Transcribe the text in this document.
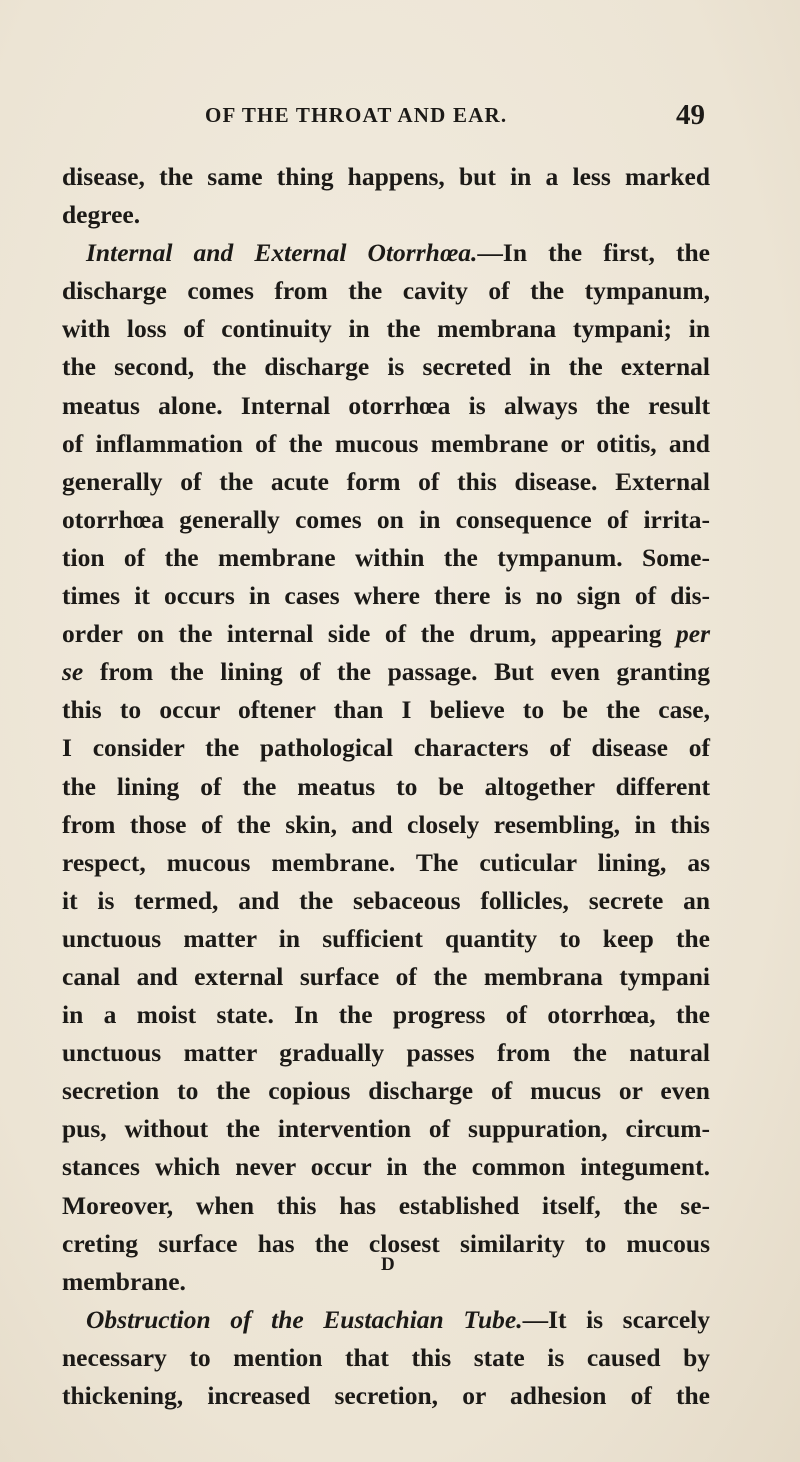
OF THE THROAT AND EAR.	49
disease, the same thing happens, but in a less marked
degree.
Internal and External Otorrhœa.—In the first, the
discharge comes from the cavity of the tympanum,
with loss of continuity in the membrana tympani; in
the second, the discharge is secreted in the external
meatus alone. Internal otorrhœa is always the result
of inflammation of the mucous membrane or otitis, and
generally of the acute form of this disease. External
otorrhœa generally comes on in consequence of irrita-
tion of the membrane within the tympanum. Some-
times it occurs in cases where there is no sign of dis-
order on the internal side of the drum, appearing per
se from the lining of the passage. But even granting
this to occur oftener than I believe to be the case,
I consider the pathological characters of disease of
the lining of the meatus to be altogether different
from those of the skin, and closely resembling, in this
respect, mucous membrane. The cuticular lining, as
it is termed, and the sebaceous follicles, secrete an
unctuous matter in sufficient quantity to keep the
canal and external surface of the membrana tympani
in a moist state. In the progress of otorrhœa, the
unctuous matter gradually passes from the natural
secretion to the copious discharge of mucus or even
pus, without the intervention of suppuration, circum-
stances which never occur in the common integument.
Moreover, when this has established itself, the se-
creting surface has the closest similarity to mucous
membrane.
Obstruction of the Eustachian Tube.—It is scarcely
necessary to mention that this state is caused by
thickening, increased secretion, or adhesion of the
D
